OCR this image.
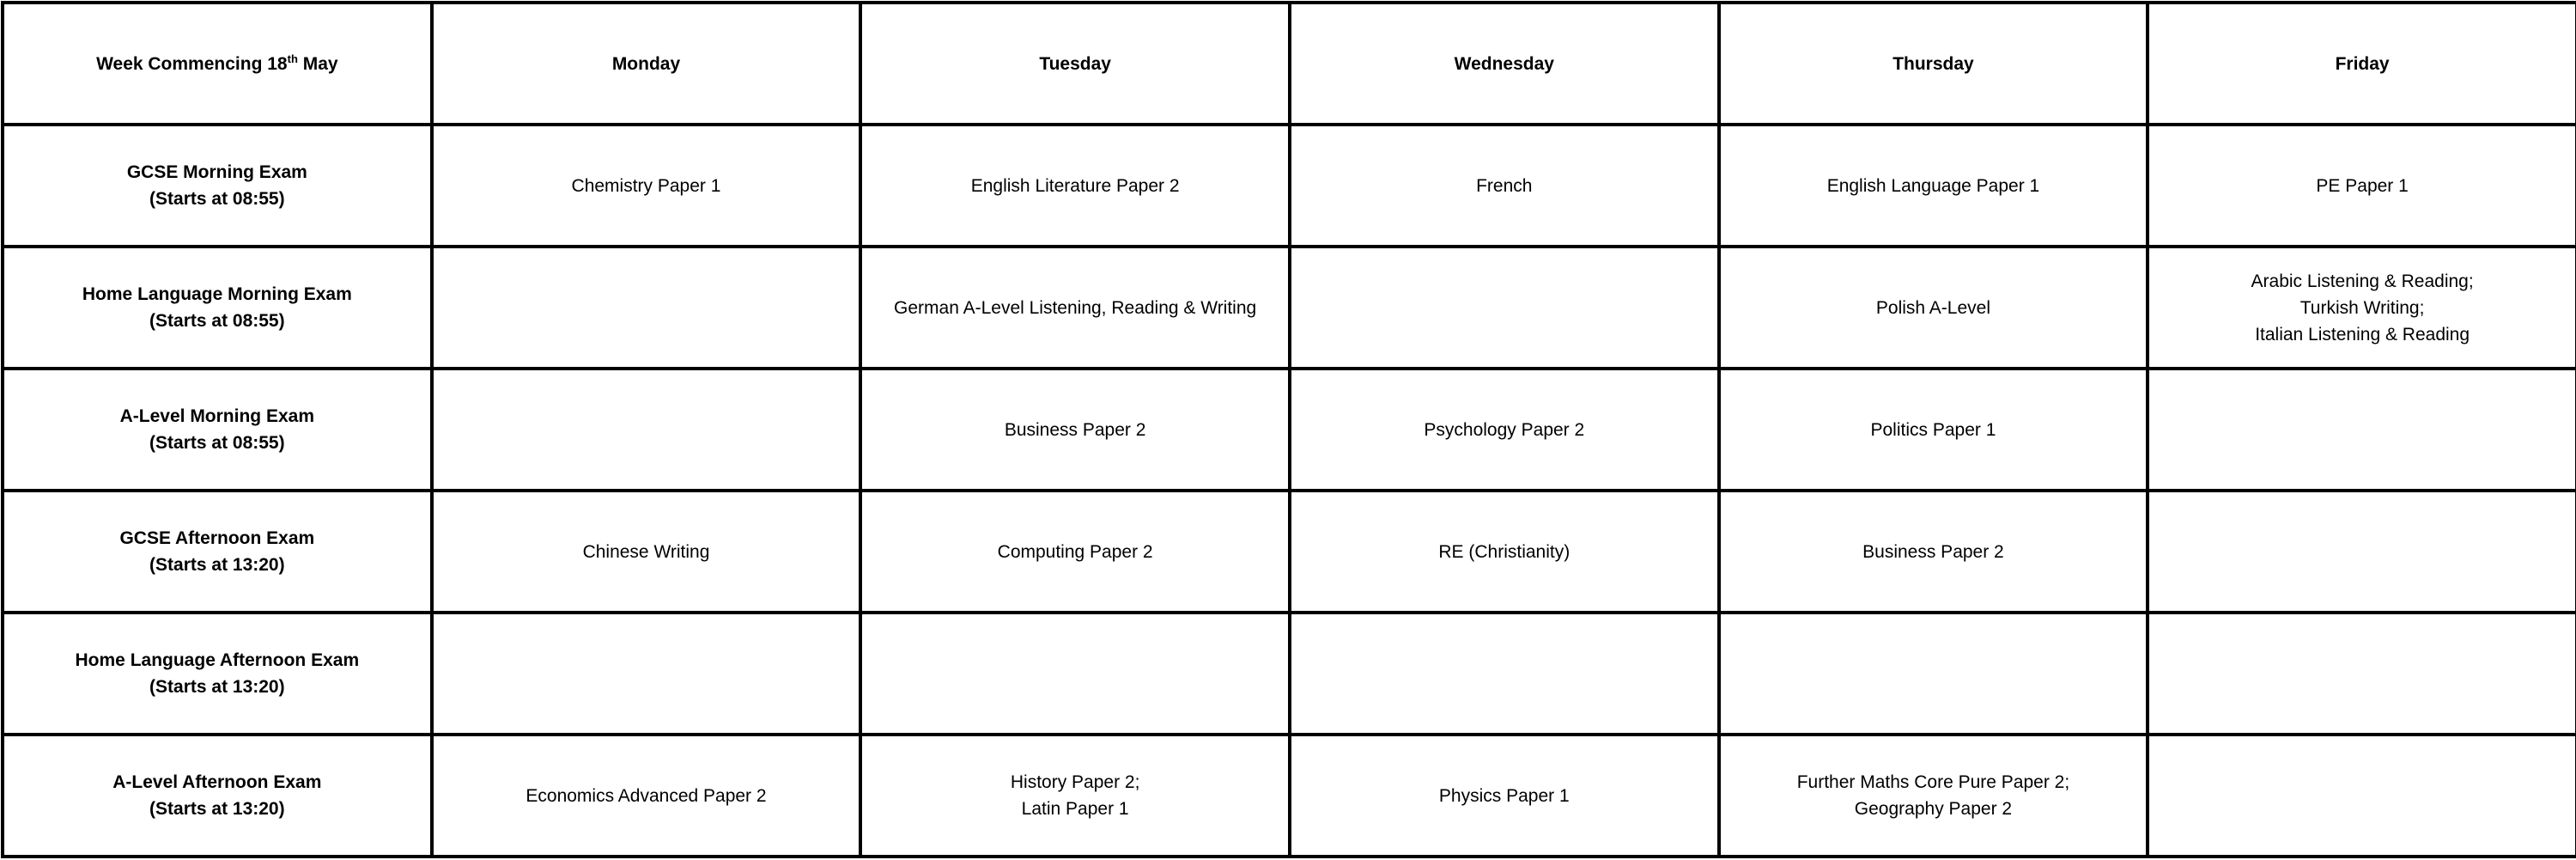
Week Commencing 18th May	Monday	Tuesday	Wednesday	Thursday	Friday

GCSE Morning Exam
(Starts at 08:55)	Chemistry Paper 1	English Literature Paper 2	French	English Language Paper 1	PE Paper 1

Home Language Morning Exam
(Starts at 08:55)		German A-Level Listening, Reading & Writing		Polish A-Level	Arabic Listening & Reading;
Turkish Writing;
Italian Listening & Reading

A-Level Morning Exam
(Starts at 08:55)		Business Paper 2	Psychology Paper 2	Politics Paper 1	

GCSE Afternoon Exam
(Starts at 13:20)	Chinese Writing	Computing Paper 2	RE (Christianity)	Business Paper 2	

Home Language Afternoon Exam
(Starts at 13:20)					

A-Level Afternoon Exam
(Starts at 13:20)	Economics Advanced Paper 2	History Paper 2;
Latin Paper 1	Physics Paper 1	Further Maths Core Pure Paper 2;
Geography Paper 2	
